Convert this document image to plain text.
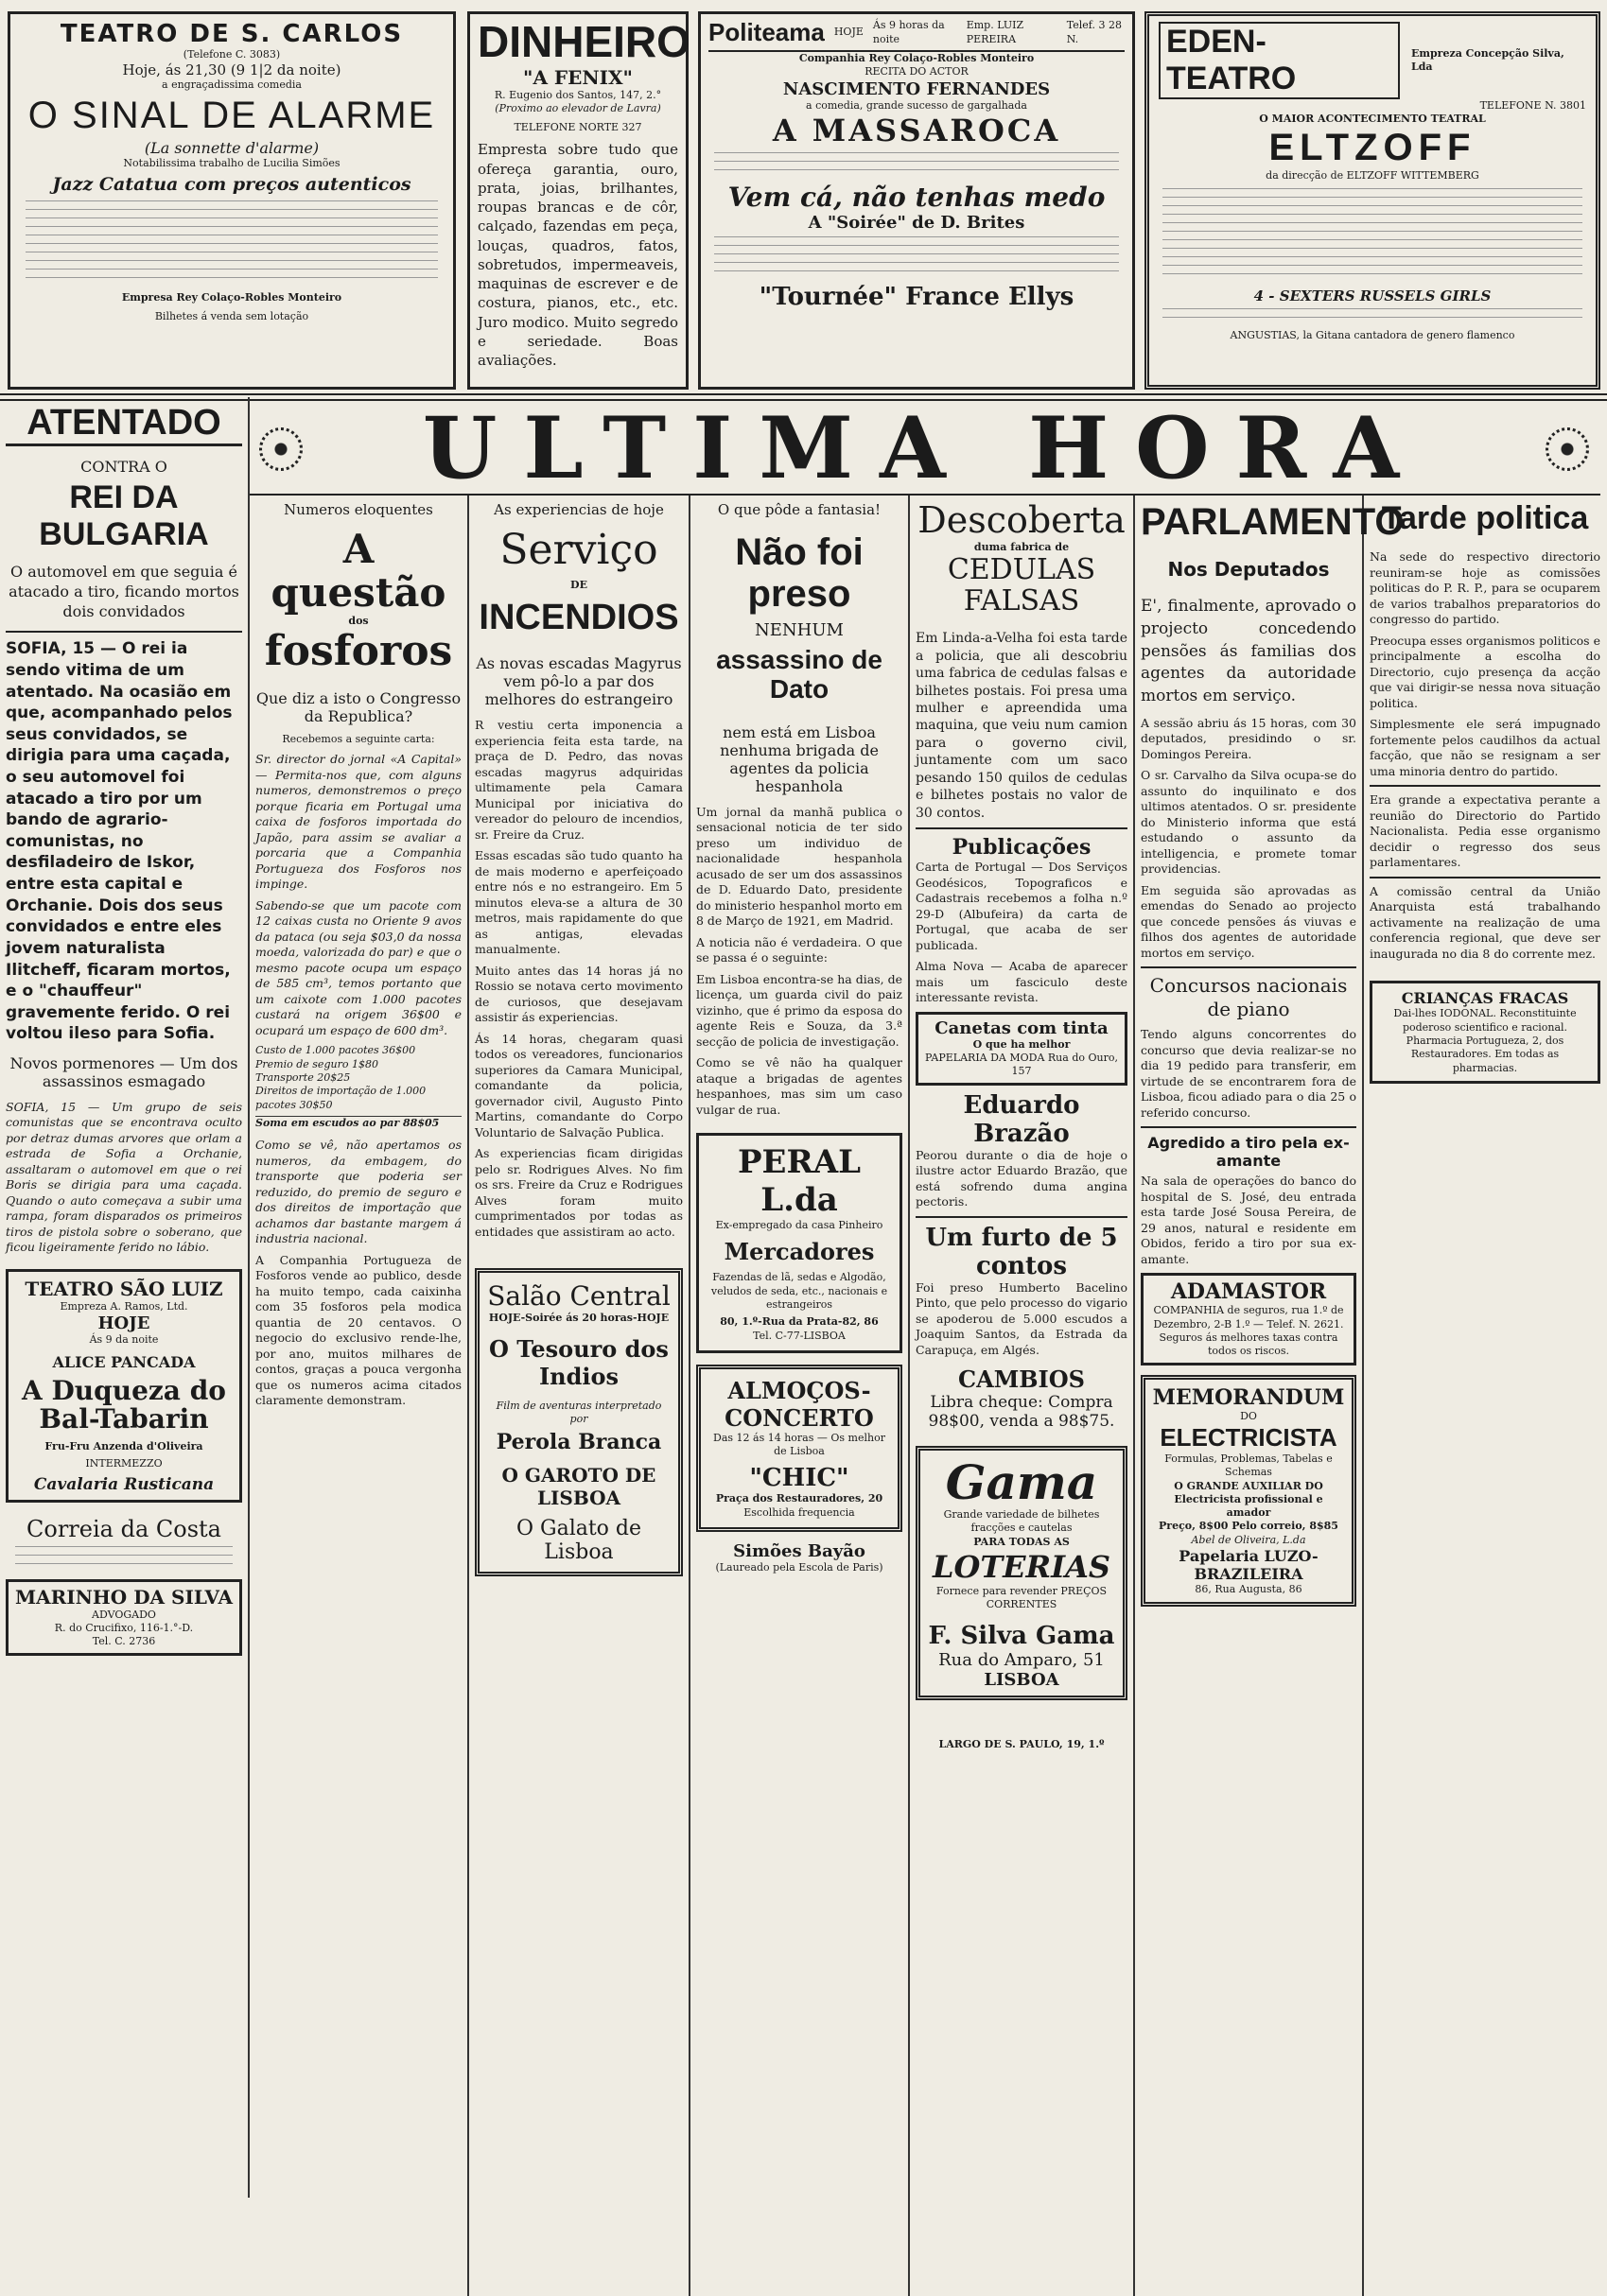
TEATRO DE S. CARLOS
(Telefone C. 3083)
Hoje, ás 21,30 (9 1|2 da noite)
a engraçadissima comedia
O SINAL DE ALARME
(La sonnette d'alarme)
Notabilissima trabalho de Lucilia Simões
Jazz Catatua com preços autenticos
Empresa Rey Colaço-Robles Monteiro
Bilhetes á venda sem lotação
DINHEIRO
"A FENIX"
R. Eugenio dos Santos, 147, 2.°
(Proximo ao elevador de Lavra)
TELEFONE NORTE 327
Empresta sobre tudo que ofereça garantia, ouro, prata, joias, brilhantes, roupas brancas e de côr, calçado, fazendas em peça, louças, quadros, fatos, sobretudos, impermeaveis, maquinas de escrever e de costura, pianos, etc., etc. Juro modico. Muito segredo e seriedade. Boas avaliações.
Politeama HOJE
Ás 9 horas da noite
Emp. LUIZ PEREIRA
Telef. 3 28 N.
Companhia Rey Colaço-Robles Monteiro
RECITA DO ACTOR
NASCIMENTO FERNANDES
a comedia, grande sucesso de gargalhada
A MASSAROCA
Vem cá, não tenhas medo
A "Soirée" de D. Brites
"Tournée" France Ellys
EDEN-TEATRO
Empreza Concepção Silva, Lda
TELEFONE N. 3801
O MAIOR ACONTECIMENTO TEATRAL
ELTZOFF
da direcção de ELTZOFF WITTEMBERG
4 - SEXTERS RUSSELS GIRLS
ANGUSTIAS, la Gitana cantadora de genero flamenco
ULTIMA HORA
ATENTADO
CONTRA O
REI DA BULGARIA
O automovel em que seguia é atacado a tiro, ficando mortos dois convidados

SOFIA, 15 — O rei ia sendo vitima de um atentado. Na ocasião em que, acompanhado pelos seus convidados, se dirigia para uma caçada, o seu automovel foi atacado a tiro por um bando de agrario-comunistas, no desfiladeiro de Iskor, entre esta capital e Orchanie. Dois dos seus convidados e entre eles jovem naturalista Ilitcheff, ficaram mortos, e o "chauffeur" gravemente ferido. O rei voltou ileso para Sofia.

Novos pormenores — Um dos assassinos esmagado

SOFIA, 15 — Um grupo de seis comunistas que se encontrava oculto por detraz dumas arvores que orlam a estrada de Sofia a Orchanie, assaltaram o automovel em que o rei Boris se dirigia para uma caçada. Quando o auto começava a subir uma rampa, foram disparados os primeiros tiros de pistola sobre o soberano, que ficou ligeiramente ferido no lábio.

TEATRO SÃO LUIZ
Empreza A. Ramos, Ltd.
HOJE
Ás 9 da noite
ALICE PANCADA
A Duqueza do Bal-Tabarin
Fru-Fru Anzenda d'Oliveira
INTERMEZZO
Cavalaria Rusticana
Correia da Costa
MARINHO DA SILVA
ADVOGADO
R. do Crucifixo, 116-1.°-D.
Tel. C. 2736
Numeros eloquentes
A questão
dos
fosforos
Que diz a isto o Congresso da Republica?
Recebemos a seguinte carta:

Sr. director do jornal «A Capital» — Permita-nos que, com alguns numeros, demonstremos o preço porque ficaria em Portugal uma caixa de fosforos importada do Japão, para assim se avaliar a porcaria que a Companhia Portugueza dos Fosforos nos impinge.

Sabendo-se que um pacote com 12 caixas custa no Oriente 9 avos da pataca (ou seja $03,0 da nossa moeda, valorizada do par) e que o mesmo pacote ocupa um espaço de 585 cm³, temos portanto que um caixote com 1.000 pacotes custará na origem 36$00 e ocupará um espaço de 600 dm³.

Custo de 1.000 pacotes 36$00
Premio de seguro 1$80
Transporte 20$25
Direitos de importação de 1.000 pacotes 30$50
Soma em escudos ao par 88$05

Como se vê, não apertamos os numeros, da embagem, do transporte que poderia ser reduzido, do premio de seguro e dos direitos de importação que achamos dar bastante margem á industria nacional.

A Companhia Portugueza de Fosforos vende ao publico, desde ha muito tempo, cada caixinha com 35 fosforos pela modica quantia de 20 centavos. O negocio do exclusivo rende-lhe, por ano, muitos milhares de contos, graças a pouca vergonha que os numeros acima citados claramente demonstram.

As experiencias de hoje
Serviço
DE
INCENDIOS
As novas escadas Magyrus vem pô-lo a par dos melhores do estrangeiro

R vestiu certa imponencia a experiencia feita esta tarde, na praça de D. Pedro, das novas escadas magyrus adquiridas ultimamente pela Camara Municipal por iniciativa do vereador do pelouro de incendios, sr. Freire da Cruz.

Essas escadas são tudo quanto ha de mais moderno e aperfeiçoado entre nós e no estrangeiro. Em 5 minutos eleva-se a altura de 30 metros, mais rapidamente do que as antigas, elevadas manualmente.

Muito antes das 14 horas já no Rossio se notava certo movimento de curiosos, que desejavam assistir ás experiencias.

Ás 14 horas, chegaram quasi todos os vereadores, funcionarios superiores da Camara Municipal, comandante da policia, governador civil, Augusto Pinto Martins, comandante do Corpo Voluntario de Salvação Publica.

As experiencias ficam dirigidas pelo sr. Rodrigues Alves. No fim os srs. Freire da Cruz e Rodrigues Alves foram muito cumprimentados por todas as entidades que assistiram ao acto.

Salão Central
HOJE-Soirée ás 20 horas-HOJE
O Tesouro dos Indios
Film de aventuras interpretado por
Perola Branca
O GAROTO DE LISBOA
O Galato de Lisboa
O que pôde a fantasia!
Não foi preso
NENHUM
assassino de Dato
nem está em Lisboa nenhuma brigada de agentes da policia hespanhola

Um jornal da manhã publica o sensacional noticia de ter sido preso um individuo de nacionalidade hespanhola acusado de ser um dos assassinos de D. Eduardo Dato, presidente do ministerio hespanhol morto em 8 de Março de 1921, em Madrid.

A noticia não é verdadeira. O que se passa é o seguinte:

Em Lisboa encontra-se ha dias, de licença, um guarda civil do paiz vizinho, que é primo da esposa do agente Reis e Souza, da 3.ª secção de policia de investigação.

Como se vê não ha qualquer ataque a brigadas de agentes hespanhoes, mas sim um caso vulgar de rua.

PERAL L.da
Ex-empregado da casa Pinheiro
Mercadores
Fazendas de lã, sedas e Algodão, veludos de seda, etc., nacionais e estrangeiros
80, 1.º-Rua da Prata-82, 86
Tel. C-77-LISBOA
ALMOÇOS-CONCERTO
Das 12 ás 14 horas — Os melhor de Lisboa
"CHIC"
Praça dos Restauradores, 20
Escolhida frequencia
Simões Bayão
(Laureado pela Escola de Paris)
Descoberta
duma fabrica de
CEDULAS FALSAS

Em Linda-a-Velha foi esta tarde a policia, que ali descobriu uma fabrica de cedulas falsas e bilhetes postais. Foi presa uma mulher e apreendida uma maquina, que veiu num camion para o governo civil, juntamente com um saco pesando 150 quilos de cedulas e bilhetes postais no valor de 30 contos.

Publicações

Carta de Portugal — Dos Serviços Geodésicos, Topograficos e Cadastrais recebemos a folha n.º 29-D (Albufeira) da carta de Portugal, que acaba de ser publicada.

Alma Nova — Acaba de aparecer mais um fasciculo deste interessante revista.

Canetas com tinta
O que ha melhor
PAPELARIA DA MODA Rua do Ouro, 157
Eduardo Brazão

Peorou durante o dia de hoje o ilustre actor Eduardo Brazão, que está sofrendo duma angina pectoris.

Um furto de 5 contos

Foi preso Humberto Bacelino Pinto, que pelo processo do vigario se apoderou de 5.000 escudos a Joaquim Santos, da Estrada da Carapuça, em Algés.

CAMBIOS
Libra cheque: Compra 98$00, venda a 98$75.
Gama
Grande variedade de bilhetes fracções e cautelas
PARA TODAS AS
LOTERIAS
Fornece para revender PREÇOS CORRENTES
F. Silva Gama
Rua do Amparo, 51
LISBOA
LARGO DE S. PAULO, 19, 1.º
PARLAMENTO
Nos Deputados
E', finalmente, aprovado o projecto concedendo pensões ás familias dos agentes da autoridade mortos em serviço.

A sessão abriu ás 15 horas, com 30 deputados, presidindo o sr. Domingos Pereira.

O sr. Carvalho da Silva ocupa-se do assunto do inquilinato e dos ultimos atentados. O sr. presidente do Ministerio informa que está estudando o assunto da intelligencia, e promete tomar providencias.

Em seguida são aprovadas as emendas do Senado ao projecto que concede pensões ás viuvas e filhos dos agentes de autoridade mortos em serviço.

Concursos nacionais de piano

Tendo alguns concorrentes do concurso que devia realizar-se no dia 19 pedido para transferir, em virtude de se encontrarem fora de Lisboa, ficou adiado para o dia 25 o referido concurso.

Agredido a tiro pela ex-amante

Na sala de operações do banco do hospital de S. José, deu entrada esta tarde José Sousa Pereira, de 29 anos, natural e residente em Obidos, ferido a tiro por sua ex-amante.

ADAMASTOR
COMPANHIA de seguros, rua 1.º de Dezembro, 2-B 1.º — Telef. N. 2621. Seguros ás melhores taxas contra todos os riscos.
MEMORANDUM
DO
ELECTRICISTA
Formulas, Problemas, Tabelas e Schemas
O GRANDE AUXILIAR DO Electricista profissional e amador
Preço, 8$00 Pelo correio, 8$85
Abel de Oliveira, L.da
Papelaria LUZO-BRAZILEIRA
86, Rua Augusta, 86
Tarde politica

Na sede do respectivo directorio reuniram-se hoje as comissões politicas do P. R. P., para se ocuparem de varios trabalhos preparatorios do congresso do partido.

Preocupa esses organismos politicos e principalmente a escolha do Directorio, cujo presença da acção que vai dirigir-se nessa nova situação politica.

Simplesmente ele será impugnado fortemente pelos caudilhos da actual facção, que não se resignam a ser uma minoria dentro do partido.

Era grande a expectativa perante a reunião do Directorio do Partido Nacionalista. Pedia esse organismo decidir o regresso dos seus parlamentares.

A comissão central da União Anarquista está trabalhando activamente na realização de uma conferencia regional, que deve ser inaugurada no dia 8 do corrente mez.

CRIANÇAS FRACAS
Dai-lhes IODONAL. Reconstituinte poderoso scientifico e racional. Pharmacia Portugueza, 2, dos Restauradores. Em todas as pharmacias.
